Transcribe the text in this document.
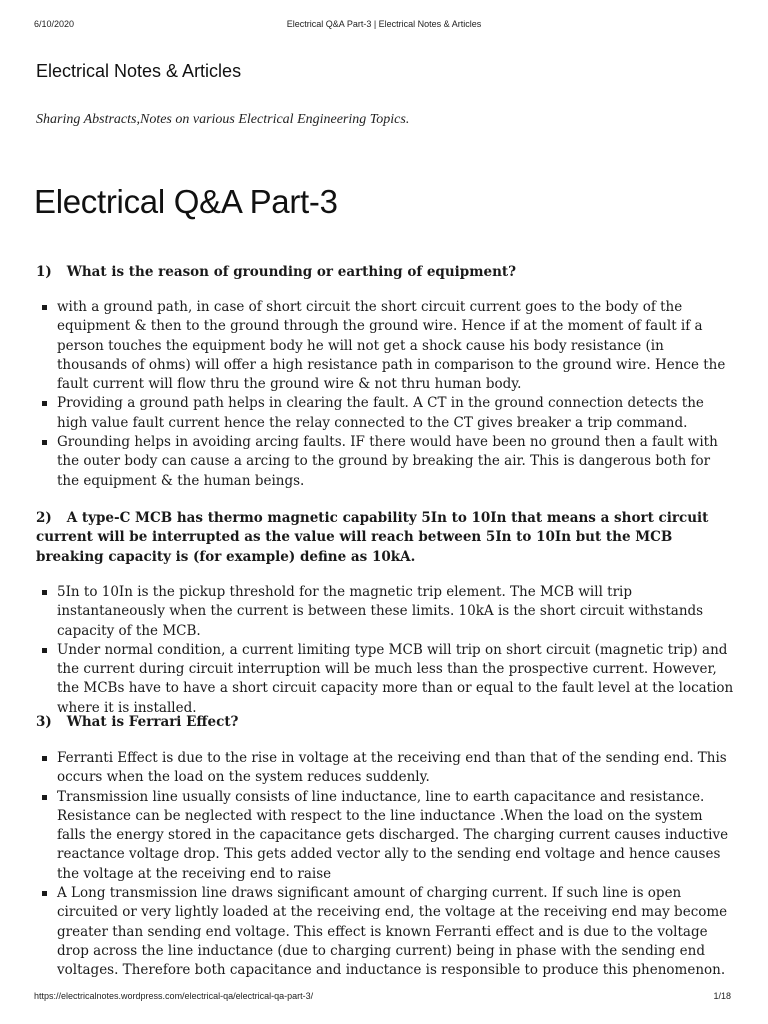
6/10/2020	Electrical Q&A Part-3 | Electrical Notes & Articles
Electrical Notes & Articles

Sharing Abstracts,Notes on various Electrical Engineering Topics.

Electrical Q&A Part-3

1) What is the reason of grounding or earthing of equipment?

with a ground path, in case of short circuit the short circuit current goes to the body of the equipment & then to the ground through the ground wire. Hence if at the moment of fault if a person touches the equipment body he will not get a shock cause his body resistance (in thousands of ohms) will offer a high resistance path in comparison to the ground wire. Hence the fault current will flow thru the ground wire & not thru human body.
Providing a ground path helps in clearing the fault. A CT in the ground connection detects the high value fault current hence the relay connected to the CT gives breaker a trip command.
Grounding helps in avoiding arcing faults. IF there would have been no ground then a fault with the outer body can cause a arcing to the ground by breaking the air. This is dangerous both for the equipment & the human beings.

2) A type-C MCB has thermo magnetic capability 5In to 10In that means a short circuit current will be interrupted as the value will reach between 5In to 10In but the MCB breaking capacity is (for example) define as 10kA.

5In to 10In is the pickup threshold for the magnetic trip element. The MCB will trip instantaneously when the current is between these limits. 10kA is the short circuit withstands capacity of the MCB.
Under normal condition, a current limiting type MCB will trip on short circuit (magnetic trip) and the current during circuit interruption will be much less than the prospective current. However, the MCBs have to have a short circuit capacity more than or equal to the fault level at the location where it is installed.

3) What is Ferrari Effect?

Ferranti Effect is due to the rise in voltage at the receiving end than that of the sending end. This occurs when the load on the system reduces suddenly.
Transmission line usually consists of line inductance, line to earth capacitance and resistance. Resistance can be neglected with respect to the line inductance .When the load on the system falls the energy stored in the capacitance gets discharged. The charging current causes inductive reactance voltage drop. This gets added vector ally to the sending end voltage and hence causes the voltage at the receiving end to raise
A Long transmission line draws significant amount of charging current. If such line is open circuited or very lightly loaded at the receiving end, the voltage at the receiving end may become greater than sending end voltage. This effect is known Ferranti effect and is due to the voltage drop across the line inductance (due to charging current) being in phase with the sending end voltages. Therefore both capacitance and inductance is responsible to produce this phenomenon.
https://electricalnotes.wordpress.com/electrical-qa/electrical-qa-part-3/	1/18
